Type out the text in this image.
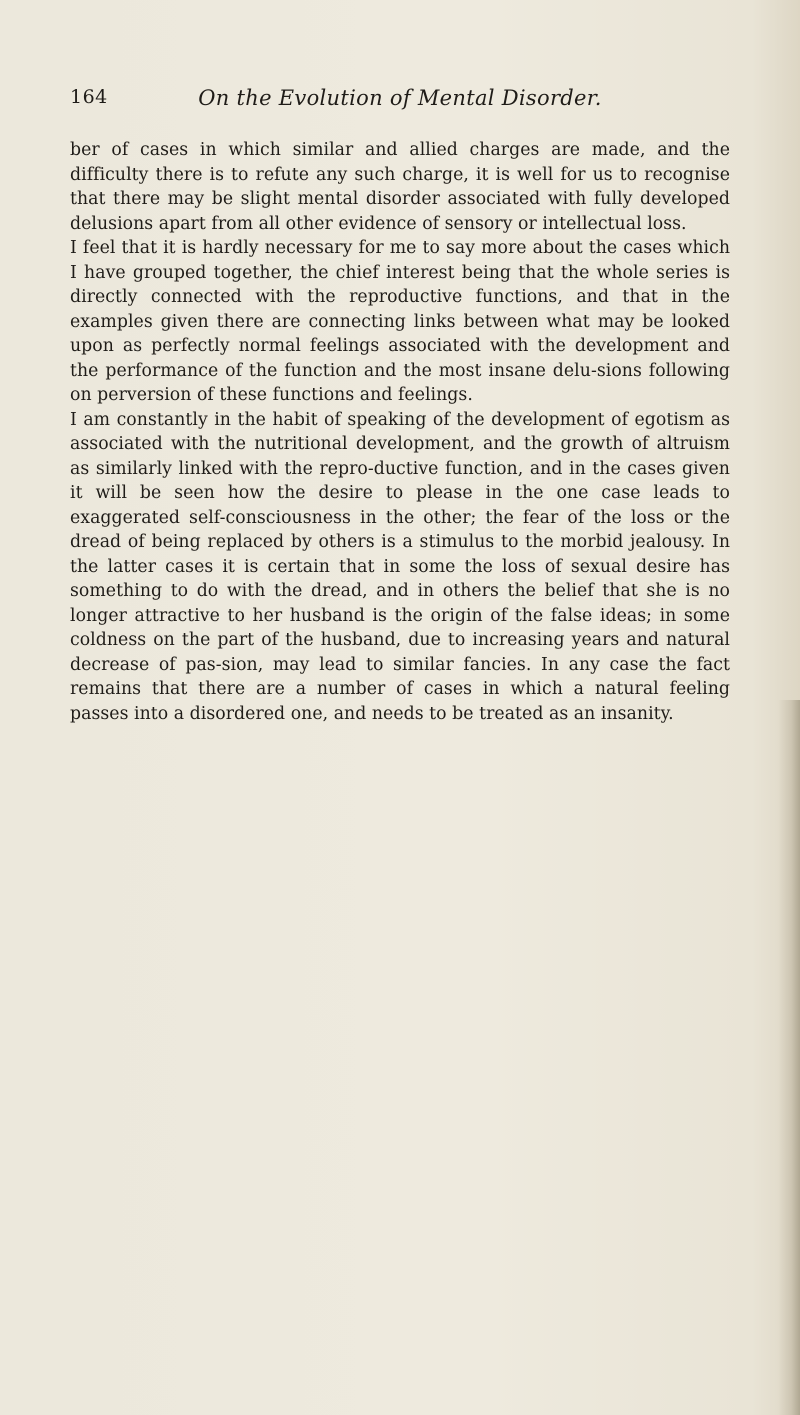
164	On the Evolution of Mental Disorder.

ber of cases in which similar and allied charges are made, and the difficulty there is to refute any such charge, it is well for us to recognise that there may be slight mental disorder associated with fully developed delusions apart from all other evidence of sensory or intellectual loss.

I feel that it is hardly necessary for me to say more about the cases which I have grouped together, the chief interest being that the whole series is directly connected with the reproductive functions, and that in the examples given there are connecting links between what may be looked upon as perfectly normal feelings associated with the development and the performance of the function and the most insane delu-sions following on perversion of these functions and feelings.

I am constantly in the habit of speaking of the development of egotism as associated with the nutritional development, and the growth of altruism as similarly linked with the repro-ductive function, and in the cases given it will be seen how the desire to please in the one case leads to exaggerated self-consciousness in the other; the fear of the loss or the dread of being replaced by others is a stimulus to the morbid jealousy. In the latter cases it is certain that in some the loss of sexual desire has something to do with the dread, and in others the belief that she is no longer attractive to her husband is the origin of the false ideas; in some coldness on the part of the husband, due to increasing years and natural decrease of pas-sion, may lead to similar fancies. In any case the fact remains that there are a number of cases in which a natural feeling passes into a disordered one, and needs to be treated as an insanity.
